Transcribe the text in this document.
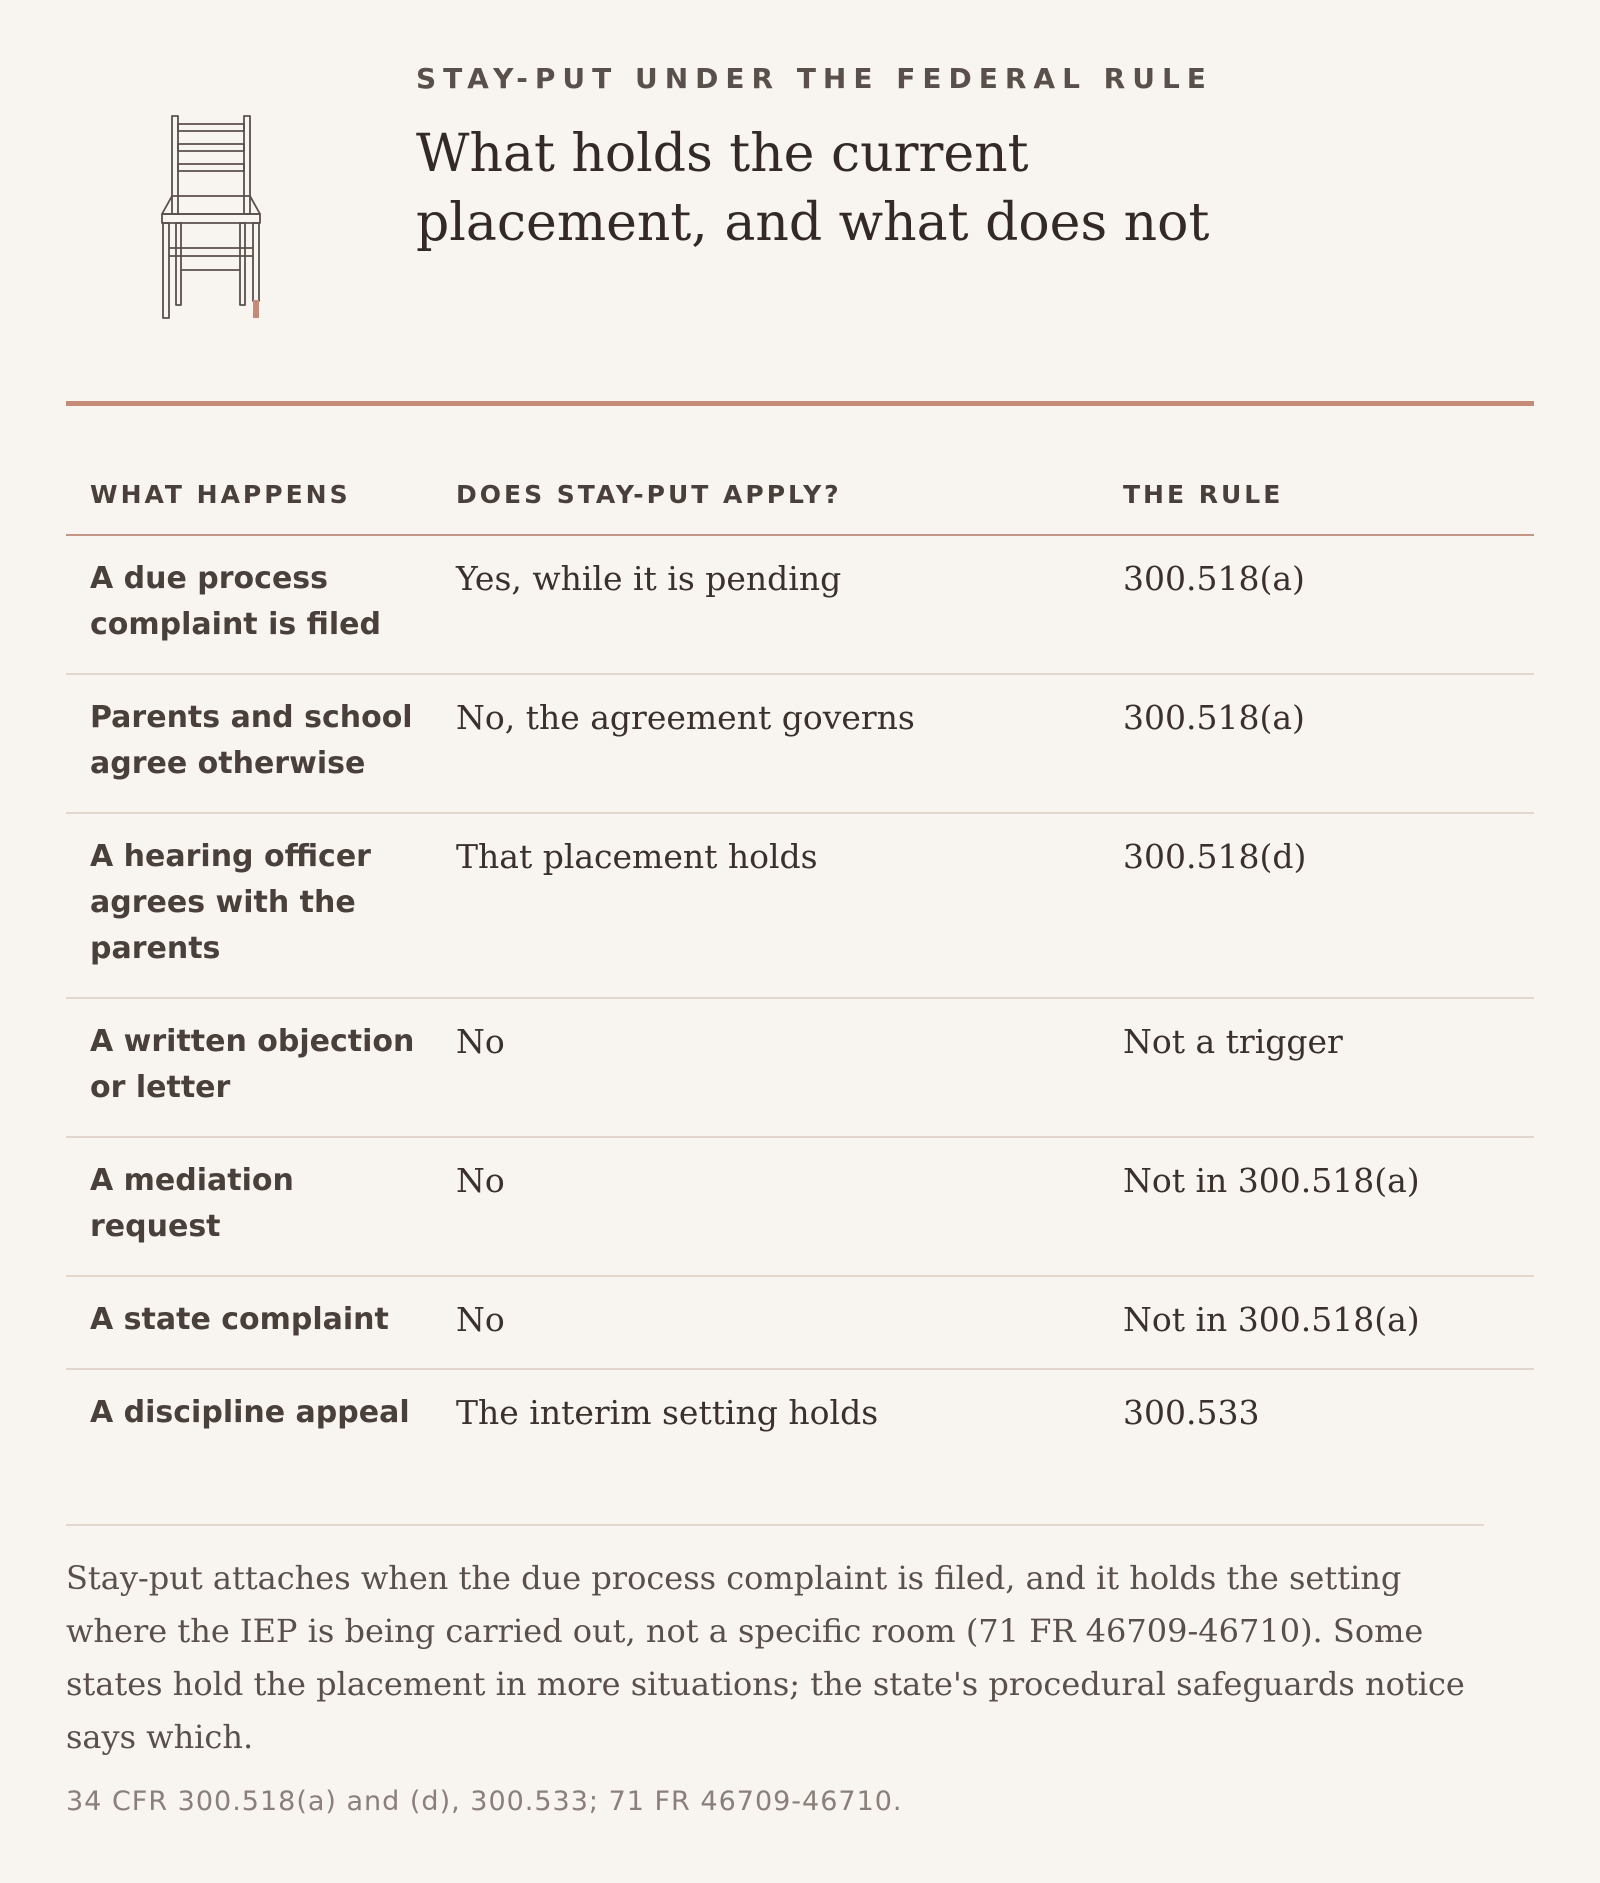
STAY-PUT UNDER THE FEDERAL RULE
What holds the current placement, and what does not
WHAT HAPPENS	DOES STAY-PUT APPLY?	THE RULE
A due process complaint is filed	Yes, while it is pending	300.518(a)
Parents and school agree otherwise	No, the agreement governs	300.518(a)
A hearing officer agrees with the parents	That placement holds	300.518(d)
A written objection or letter	No	Not a trigger
A mediation request	No	Not in 300.518(a)
A state complaint	No	Not in 300.518(a)
A discipline appeal	The interim setting holds	300.533

Stay-put attaches when the due process complaint is filed, and it holds the setting where the IEP is being carried out, not a specific room (71 FR 46709-46710). Some states hold the placement in more situations; the state's procedural safeguards notice says which.

34 CFR 300.518(a) and (d), 300.533; 71 FR 46709-46710.
